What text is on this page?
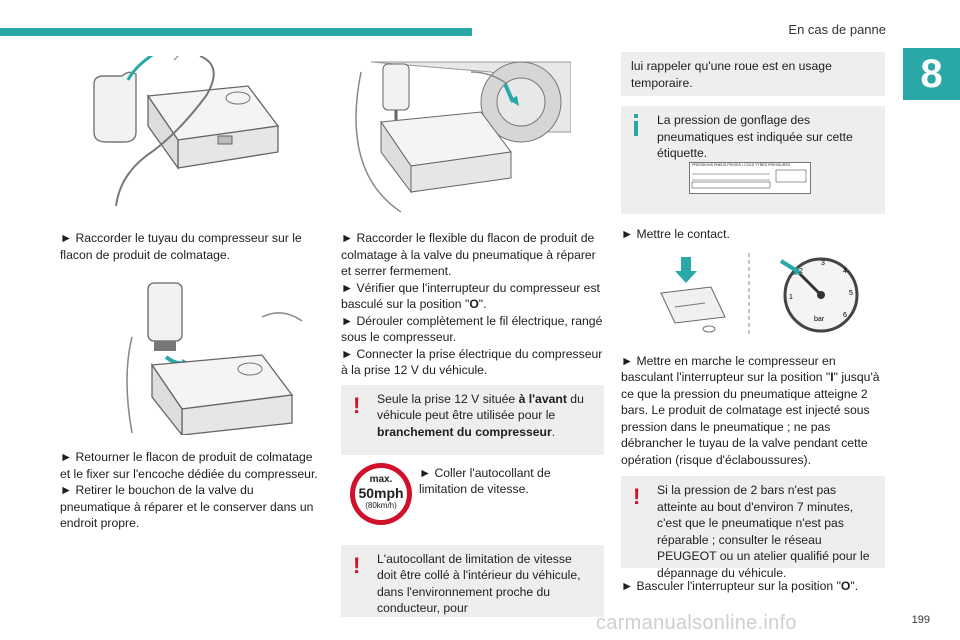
En cas de panne
8

► Raccorder le tuyau du compresseur sur le flacon de produit de colmatage.

► Retourner le flacon de produit de colmatage et le fixer sur l'encoche dédiée du compresseur.

► Retirer le bouchon de la valve du pneumatique à réparer et le conserver dans un endroit propre.

► Raccorder le flexible du flacon de produit de colmatage à la valve du pneumatique à réparer et serrer fermement.

► Vérifier que l'interrupteur du compresseur est basculé sur la position "O".

► Dérouler complètement le fil électrique, rangé sous le compresseur.

► Connecter la prise électrique du compresseur à la prise 12 V du véhicule.

!	Seule la prise 12 V située à l'avant du véhicule peut être utilisée pour le branchement du compresseur.

max.
50mph
(80km/h)

► Coller l'autocollant de limitation de vitesse.

!	L'autocollant de limitation de vitesse doit être collé à l'intérieur du véhicule, dans l'environnement proche du conducteur, pour

lui rappeler qu'une roue est en usage temporaire.

La pression de gonflage des pneumatiques est indiquée sur cette étiquette.

PRESSIONS PNEUS FROIDS • COLD TYRES PRESSURES

► Mettre le contact.

1
2
3
4
5
6
bar

► Mettre en marche le compresseur en basculant l'interrupteur sur la position "I" jusqu'à ce que la pression du pneumatique atteigne 2 bars. Le produit de colmatage est injecté sous pression dans le pneumatique ; ne pas débrancher le tuyau de la valve pendant cette opération (risque d'éclaboussures).

!	Si la pression de 2 bars n'est pas atteinte au bout d'environ 7 minutes, c'est que le pneumatique n'est pas réparable ; consulter le réseau PEUGEOT ou un atelier qualifié pour le dépannage du véhicule.

► Basculer l'interrupteur sur la position "O".

carmanualsonline.info	199
